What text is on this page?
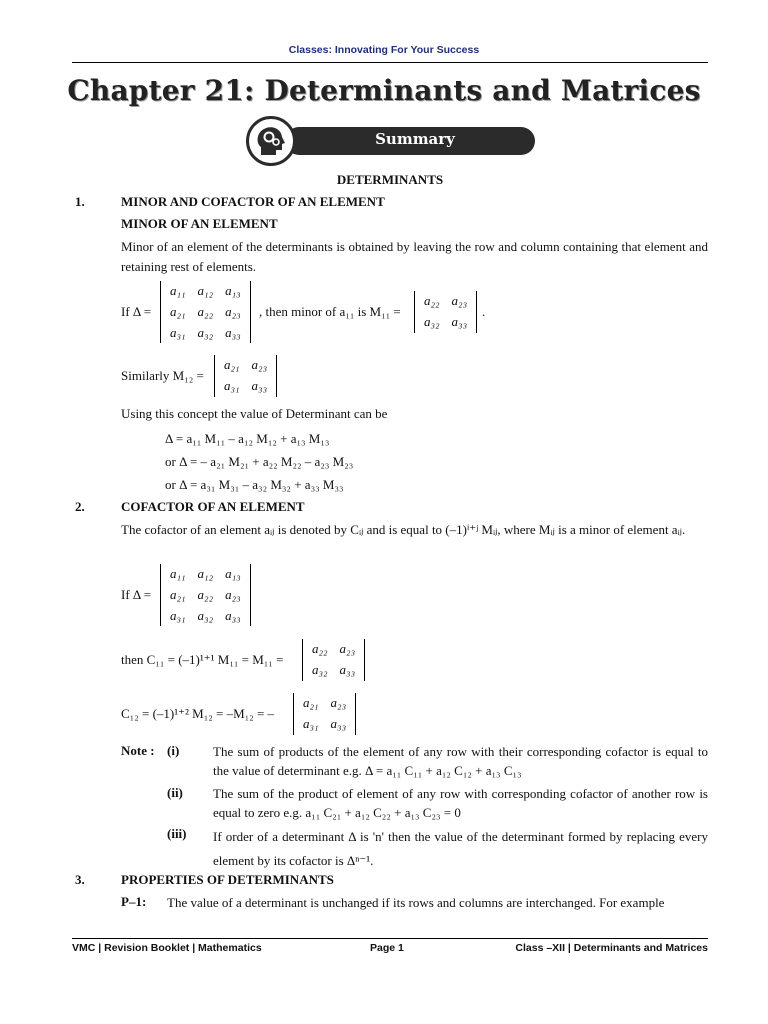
Classes: Innovating For Your Success
Chapter 21: Determinants and Matrices
Summary
DETERMINANTS
1.	MINOR AND COFACTOR OF AN ELEMENT
MINOR OF AN ELEMENT
Minor of an element of the determinants is obtained by leaving the row and column containing that element and retaining rest of elements.
If Δ =
a₁₁	a₁₂	a₁₃
a₂₁	a₂₂	a₂₃
a₃₁	a₃₂	a₃₃
, then minor of a₁₁ is M₁₁ =
a₂₂	a₂₃
a₃₂	a₃₃
.
Similarly M₁₂ =
a₂₁	a₂₃
a₃₁	a₃₃
Using this concept the value of Determinant can be
Δ = a₁₁ M₁₁ – a₁₂ M₁₂ + a₁₃ M₁₃
or Δ = – a₂₁ M₂₁ + a₂₂ M₂₂ – a₂₃ M₂₃
or Δ = a₃₁ M₃₁ – a₃₂ M₃₂ + a₃₃ M₃₃
2.	COFACTOR OF AN ELEMENT
The cofactor of an element aᵢⱼ is denoted by Cᵢⱼ and is equal to (–1)ⁱ⁺ʲ Mᵢⱼ, where Mᵢⱼ is a minor of element aᵢⱼ.
If Δ =
a₁₁	a₁₂	a₁₃
a₂₁	a₂₂	a₂₃
a₃₁	a₃₂	a₃₃
then C₁₁ = (–1)¹⁺¹ M₁₁ = M₁₁ =
a₂₂	a₂₃
a₃₂	a₃₃
C₁₂ = (–1)¹⁺² M₁₂ = –M₁₂ = –
a₂₁	a₂₃
a₃₁	a₃₃
Note : (i)	The sum of products of the element of any row with their corresponding cofactor is equal to the value of determinant e.g. Δ = a₁₁ C₁₁ + a₁₂ C₁₂ + a₁₃ C₁₃
(ii) The sum of the product of element of any row with corresponding cofactor of another row is equal to zero e.g. a₁₁ C₂₁ + a₁₂ C₂₂ + a₁₃ C₂₃ = 0
(iii) If order of a determinant Δ is 'n' then the value of the determinant formed by replacing every element by its cofactor is Δⁿ⁻¹.
3.	PROPERTIES OF DETERMINANTS
P–1: The value of a determinant is unchanged if its rows and columns are interchanged. For example
VMC | Revision Booklet | Mathematics	Page 1	Class –XII | Determinants and Matrices
